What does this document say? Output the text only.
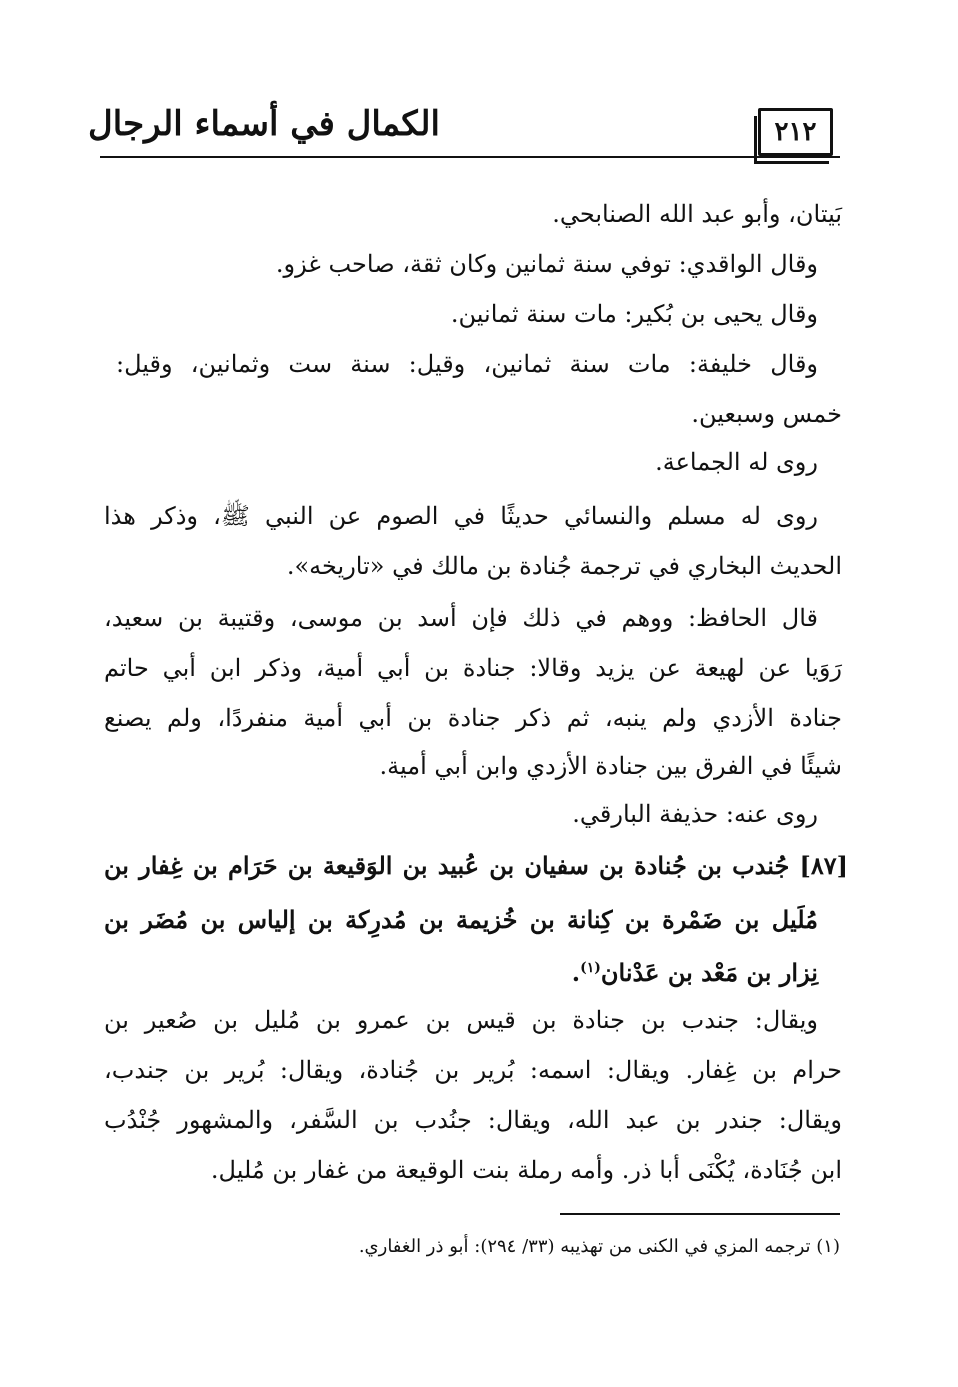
٢١٢
الكمال في أسماء الرجال
بَيتان، وأبو عبد الله الصنابحي.
وقال الواقدي: توفي سنة ثمانين وكان ثقة، صاحب غزو.
وقال يحيى بن بُكير: مات سنة ثمانين.
وقال خليفة: مات سنة ثمانين، وقيل: سنة ست وثمانين، وقيل:
خمس وسبعين.
روى له الجماعة.
روى له مسلم والنسائي حديثًا في الصوم عن النبي ﷺ، وذكر هذا
الحديث البخاري في ترجمة جُنادة بن مالك في «تاريخه».
قال الحافظ: ووهم في ذلك فإن أسد بن موسى، وقتيبة بن سعيد،
رَوَيا عن لهيعة عن يزيد وقالا: جنادة بن أبي أمية، وذكر ابن أبي حاتم
جنادة الأزدي ولم ينبه، ثم ذكر جنادة بن أبي أمية منفردًا، ولم يصنع
شيئًا في الفرق بين جنادة الأزدي وابن أبي أمية.
روى عنه: حذيفة البارقي.
[٨٧] جُندب بن جُنادة بن سفيان بن عُبيد بن الوَقيعة بن حَرَام بن غِفار بن
مُلَيل بن ضَمْرة بن كِنانة بن خُزيمة بن مُدرِكة بن إلياس بن مُضَر بن
نِزار بن مَعْد بن عَدْنان$^{(١)}$.
ويقال: جندب بن جنادة بن قيس بن عمرو بن مُليل بن صُعير بن
حرام بن غِفار. ويقال: اسمه: بُرير بن جُنادة، ويقال: بُرير بن جندب،
ويقال: جندر بن عبد الله، ويقال: جنُدب بن السَّفر، والمشهور جُنْدُب
ابن جُنَادة، يُكْنَى أبا ذر. وأمه رملة بنت الوقيعة من غفار بن مُليل.
(١) ترجمه المزي في الكنى من تهذيبه (٣٣/ ٢٩٤): أبو ذر الغفاري.
